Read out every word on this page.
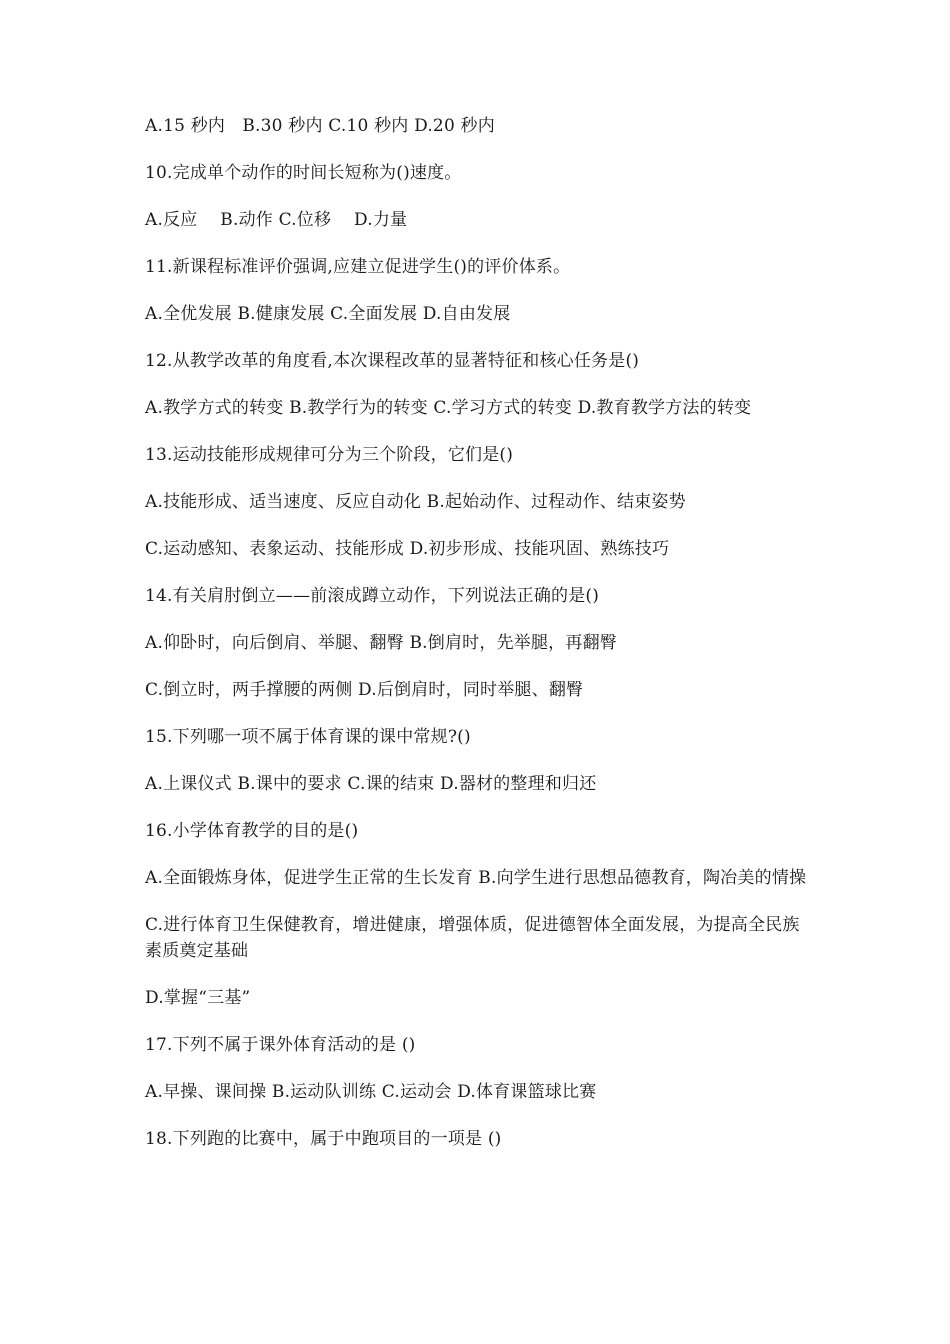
A.15 秒内　B.30 秒内 C.10 秒内 D.20 秒内

10.完成单个动作的时间长短称为()速度。

A.反应　 B.动作 C.位移　 D.力量

11.新课程标准评价强调,应建立促进学生()的评价体系。

A.全优发展 B.健康发展 C.全面发展 D.自由发展

12.从教学改革的角度看,本次课程改革的显著特征和核心任务是()

A.教学方式的转变 B.教学行为的转变 C.学习方式的转变 D.教育教学方法的转变

13.运动技能形成规律可分为三个阶段，它们是()

A.技能形成、适当速度、反应自动化 B.起始动作、过程动作、结束姿势

C.运动感知、表象运动、技能形成 D.初步形成、技能巩固、熟练技巧

14.有关肩肘倒立——前滚成蹲立动作，下列说法正确的是()

A.仰卧时，向后倒肩、举腿、翻臀 B.倒肩时，先举腿，再翻臀

C.倒立时，两手撑腰的两侧 D.后倒肩时，同时举腿、翻臀

15.下列哪一项不属于体育课的课中常规?()

A.上课仪式 B.课中的要求 C.课的结束 D.器材的整理和归还

16.小学体育教学的目的是()

A.全面锻炼身体，促进学生正常的生长发育 B.向学生进行思想品德教育，陶冶美的情操

C.进行体育卫生保健教育，增进健康，增强体质，促进德智体全面发展，为提高全民族素质奠定基础

D.掌握“三基”

17.下列不属于课外体育活动的是 ()

A.早操、课间操 B.运动队训练 C.运动会 D.体育课篮球比赛

18.下列跑的比赛中，属于中跑项目的一项是 ()
